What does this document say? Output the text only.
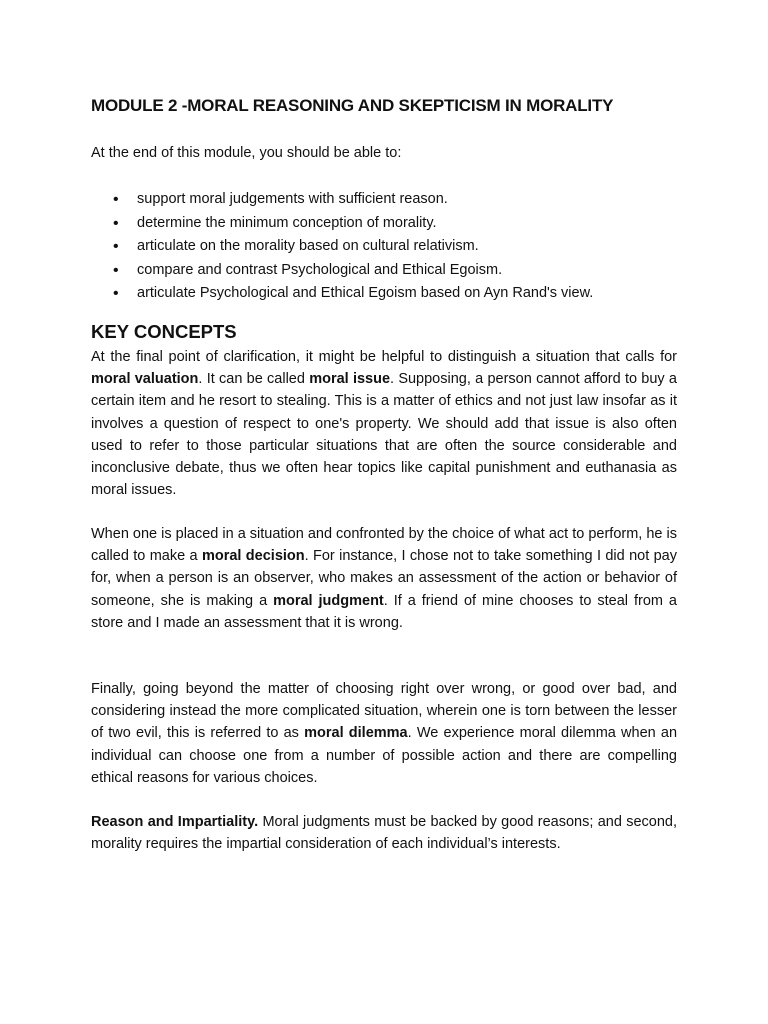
MODULE 2 -MORAL REASONING AND SKEPTICISM IN MORALITY

At the end of this module, you should be able to:

• support moral judgements with sufficient reason.
• determine the minimum conception of morality.
• articulate on the morality based on cultural relativism.
• compare and contrast Psychological and Ethical Egoism.
• articulate Psychological and Ethical Egoism based on Ayn Rand's view.
KEY CONCEPTS

At the final point of clarification, it might be helpful to distinguish a situation that calls for moral valuation. It can be called moral issue. Supposing, a person cannot afford to buy a certain item and he resort to stealing. This is a matter of ethics and not just law insofar as it involves a question of respect to one's property. We should add that issue is also often used to refer to those particular situations that are often the source considerable and inconclusive debate, thus we often hear topics like capital punishment and euthanasia as moral issues.

When one is placed in a situation and confronted by the choice of what act to perform, he is called to make a moral decision. For instance, I chose not to take something I did not pay for, when a person is an observer, who makes an assessment of the action or behavior of someone, she is making a moral judgment. If a friend of mine chooses to steal from a store and I made an assessment that it is wrong.

Finally, going beyond the matter of choosing right over wrong, or good over bad, and considering instead the more complicated situation, wherein one is torn between the lesser of two evil, this is referred to as moral dilemma. We experience moral dilemma when an individual can choose one from a number of possible action and there are compelling ethical reasons for various choices.

Reason and Impartiality. Moral judgments must be backed by good reasons; and second, morality requires the impartial consideration of each individual’s interests.
